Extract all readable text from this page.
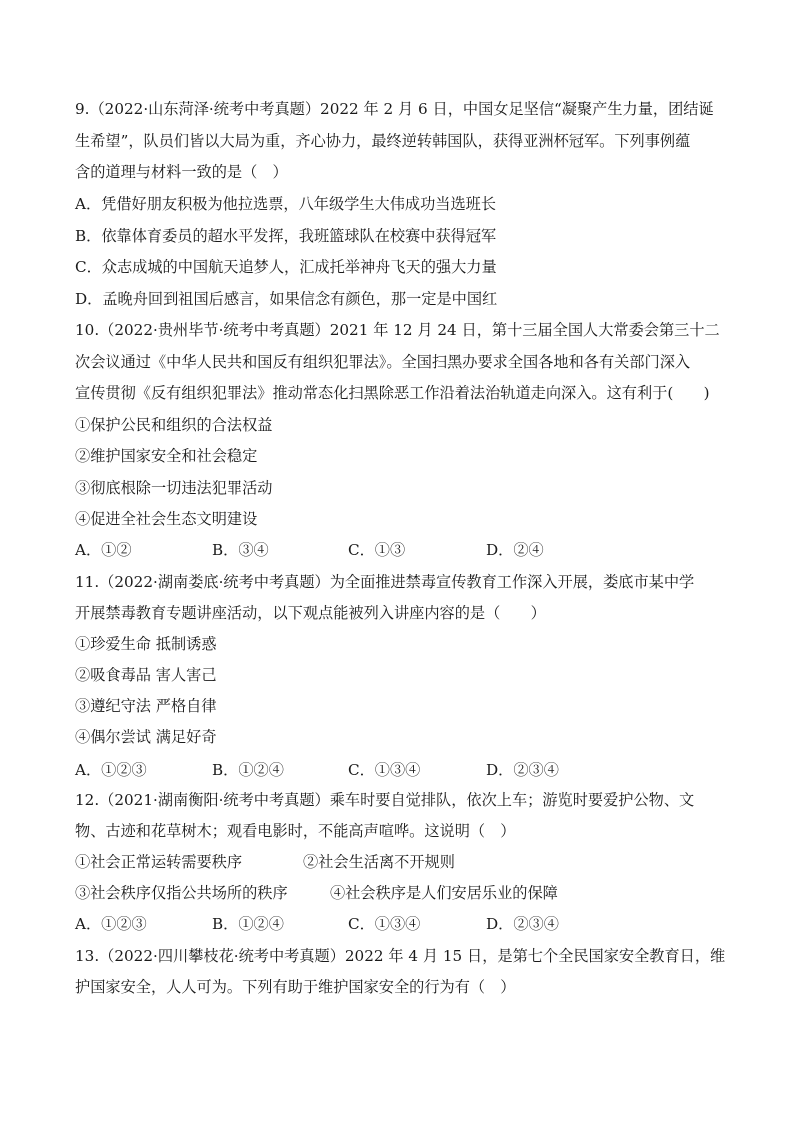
9.（2022·山东菏泽·统考中考真题）2022 年 2 月 6 日，中国女足坚信“凝聚产生力量，团结诞
生希望”，队员们皆以大局为重，齐心协力，最终逆转韩国队，获得亚洲杯冠军。下列事例蕴
含的道理与材料一致的是（　）
A．凭借好朋友积极为他拉选票，八年级学生大伟成功当选班长
B．依靠体育委员的超水平发挥，我班篮球队在校赛中获得冠军
C．众志成城的中国航天追梦人，汇成托举神舟飞天的强大力量
D．孟晚舟回到祖国后感言，如果信念有颜色，那一定是中国红
10.（2022·贵州毕节·统考中考真题）2021 年 12 月 24 日，第十三届全国人大常委会第三十二
次会议通过《中华人民共和国反有组织犯罪法》。全国扫黑办要求全国各地和各有关部门深入
宣传贯彻《反有组织犯罪法》推动常态化扫黑除恶工作沿着法治轨道走向深入。这有利于(　　)
①保护公民和组织的合法权益
②维护国家安全和社会稳定
③彻底根除一切违法犯罪活动
④促进全社会生态文明建设
A．①②	B．③④	C．①③	D．②④
11.（2022·湖南娄底·统考中考真题）为全面推进禁毒宣传教育工作深入开展，娄底市某中学
开展禁毒教育专题讲座活动，以下观点能被列入讲座内容的是（　　）
①珍爱生命 抵制诱惑
②吸食毒品 害人害己
③遵纪守法 严格自律
④偶尔尝试 满足好奇
A．①②③	B．①②④	C．①③④	D．②③④
12.（2021·湖南衡阳·统考中考真题）乘车时要自觉排队，依次上车；游览时要爱护公物、文
物、古迹和花草树木；观看电影时，不能高声喧哗。这说明（　）
①社会正常运转需要秩序	②社会生活离不开规则
③社会秩序仅指公共场所的秩序	④社会秩序是人们安居乐业的保障
A．①②③	B．①②④	C．①③④	D．②③④
13.（2022·四川攀枝花·统考中考真题）2022 年 4 月 15 日，是第七个全民国家安全教育日，维
护国家安全，人人可为。下列有助于维护国家安全的行为有（　）
